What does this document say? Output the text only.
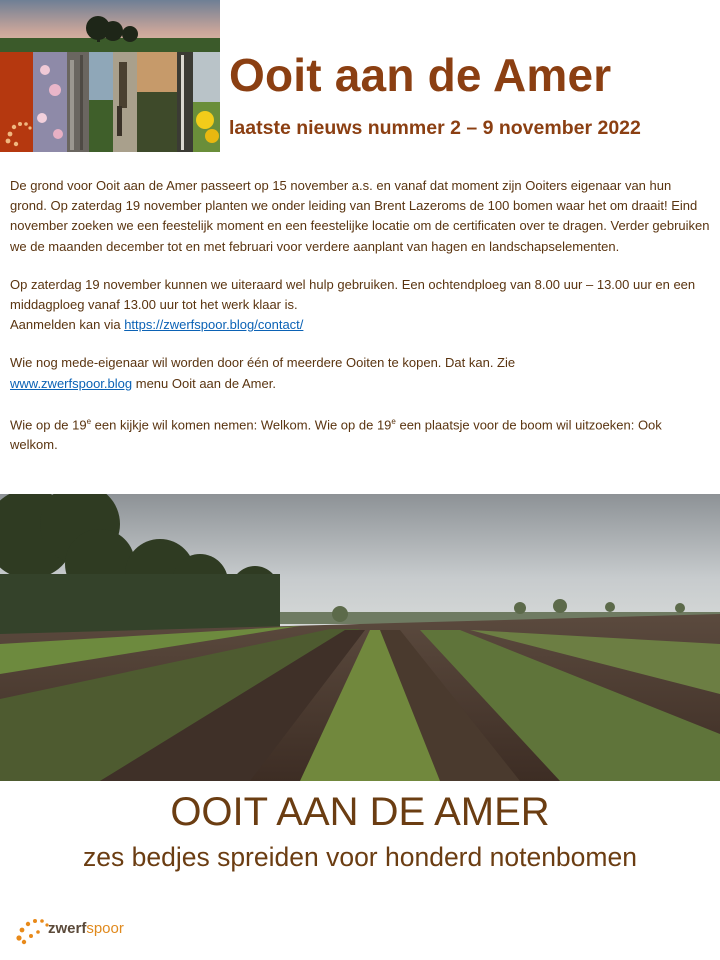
Ooit aan de Amer
laatste nieuws nummer 2 – 9 november 2022

De grond voor Ooit aan de Amer passeert op 15 november a.s. en vanaf dat moment zijn Ooiters eigenaar van hun grond. Op zaterdag 19 november planten we onder leiding van Brent Lazeroms de 100 bomen waar het om draait! Eind november zoeken we een feestelijk moment en een feestelijke locatie om de certificaten over te dragen. Verder gebruiken we de maanden december tot en met februari voor verdere aanplant van hagen en landschapselementen.

Op zaterdag 19 november kunnen we uiteraard wel hulp gebruiken. Een ochtendploeg van 8.00 uur – 13.00 uur en een middagploeg vanaf 13.00 uur tot het werk klaar is.
Aanmelden kan via https://zwerfspoor.blog/contact/

Wie nog mede-eigenaar wil worden door één of meerdere Ooiten te kopen. Dat kan. Zie
www.zwerfspoor.blog menu Ooit aan de Amer.

Wie op de 19e een kijkje wil komen nemen: Welkom. Wie op de 19e een plaatsje voor de boom wil uitzoeken: Ook welkom.

OOIT AAN DE AMER
zes bedjes spreiden voor honderd notenbomen
zwerfspoor
